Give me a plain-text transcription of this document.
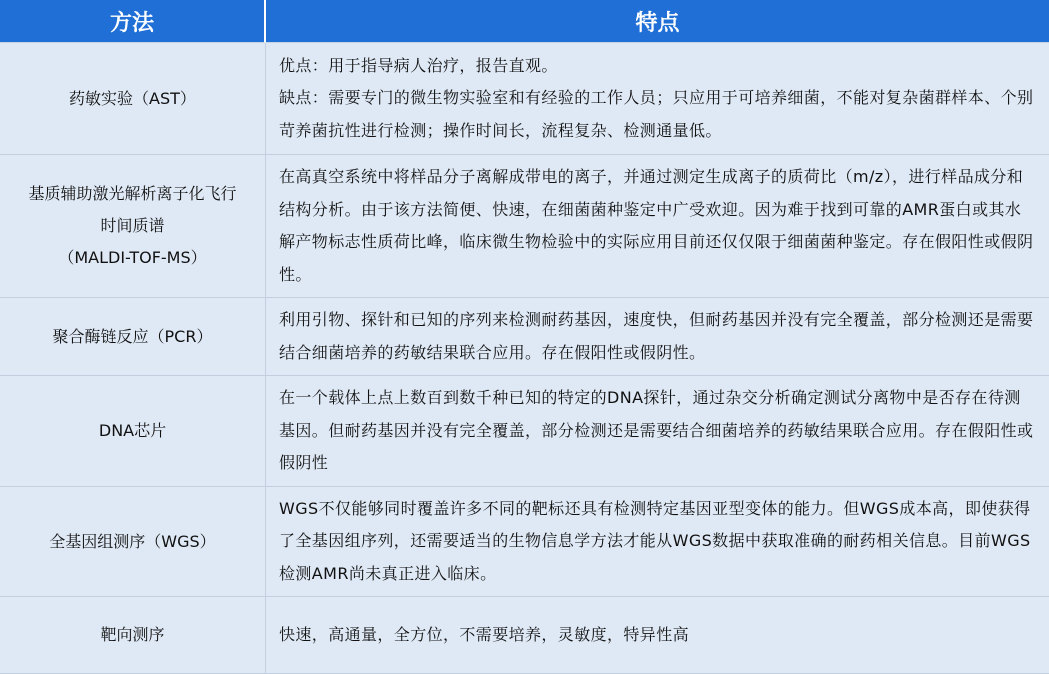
方法	特点
药敏实验（AST）

优点：用于指导病人治疗，报告直观。

缺点：需要专门的微生物实验室和有经验的工作人员；只应用于可培养细菌，不能对复杂菌群样本、个别苛养菌抗性进行检测；操作时间长，流程复杂、检测通量低。

基质辅助激光解析离子化飞行
时间质谱
（MALDI-TOF-MS）

在高真空系统中将样品分子离解成带电的离子，并通过测定生成离子的质荷比（m/z），进行样品成分和结构分析。由于该方法简便、快速，在细菌菌种鉴定中广受欢迎。因为难于找到可靠的AMR蛋白或其水解产物标志性质荷比峰，临床微生物检验中的实际应用目前还仅仅限于细菌菌种鉴定。存在假阳性或假阴性。

聚合酶链反应（PCR）

利用引物、探针和已知的序列来检测耐药基因，速度快，但耐药基因并没有完全覆盖，部分检测还是需要结合细菌培养的药敏结果联合应用。存在假阳性或假阴性。

DNA芯片

在一个载体上点上数百到数千种已知的特定的DNA探针，通过杂交分析确定测试分离物中是否存在待测基因。但耐药基因并没有完全覆盖，部分检测还是需要结合细菌培养的药敏结果联合应用。存在假阳性或假阴性

全基因组测序（WGS）

WGS不仅能够同时覆盖许多不同的靶标还具有检测特定基因亚型变体的能力。但WGS成本高，即使获得了全基因组序列，还需要适当的生物信息学方法才能从WGS数据中获取准确的耐药相关信息。目前WGS检测AMR尚未真正进入临床。

靶向测序	快速，高通量，全方位，不需要培养，灵敏度，特异性高
